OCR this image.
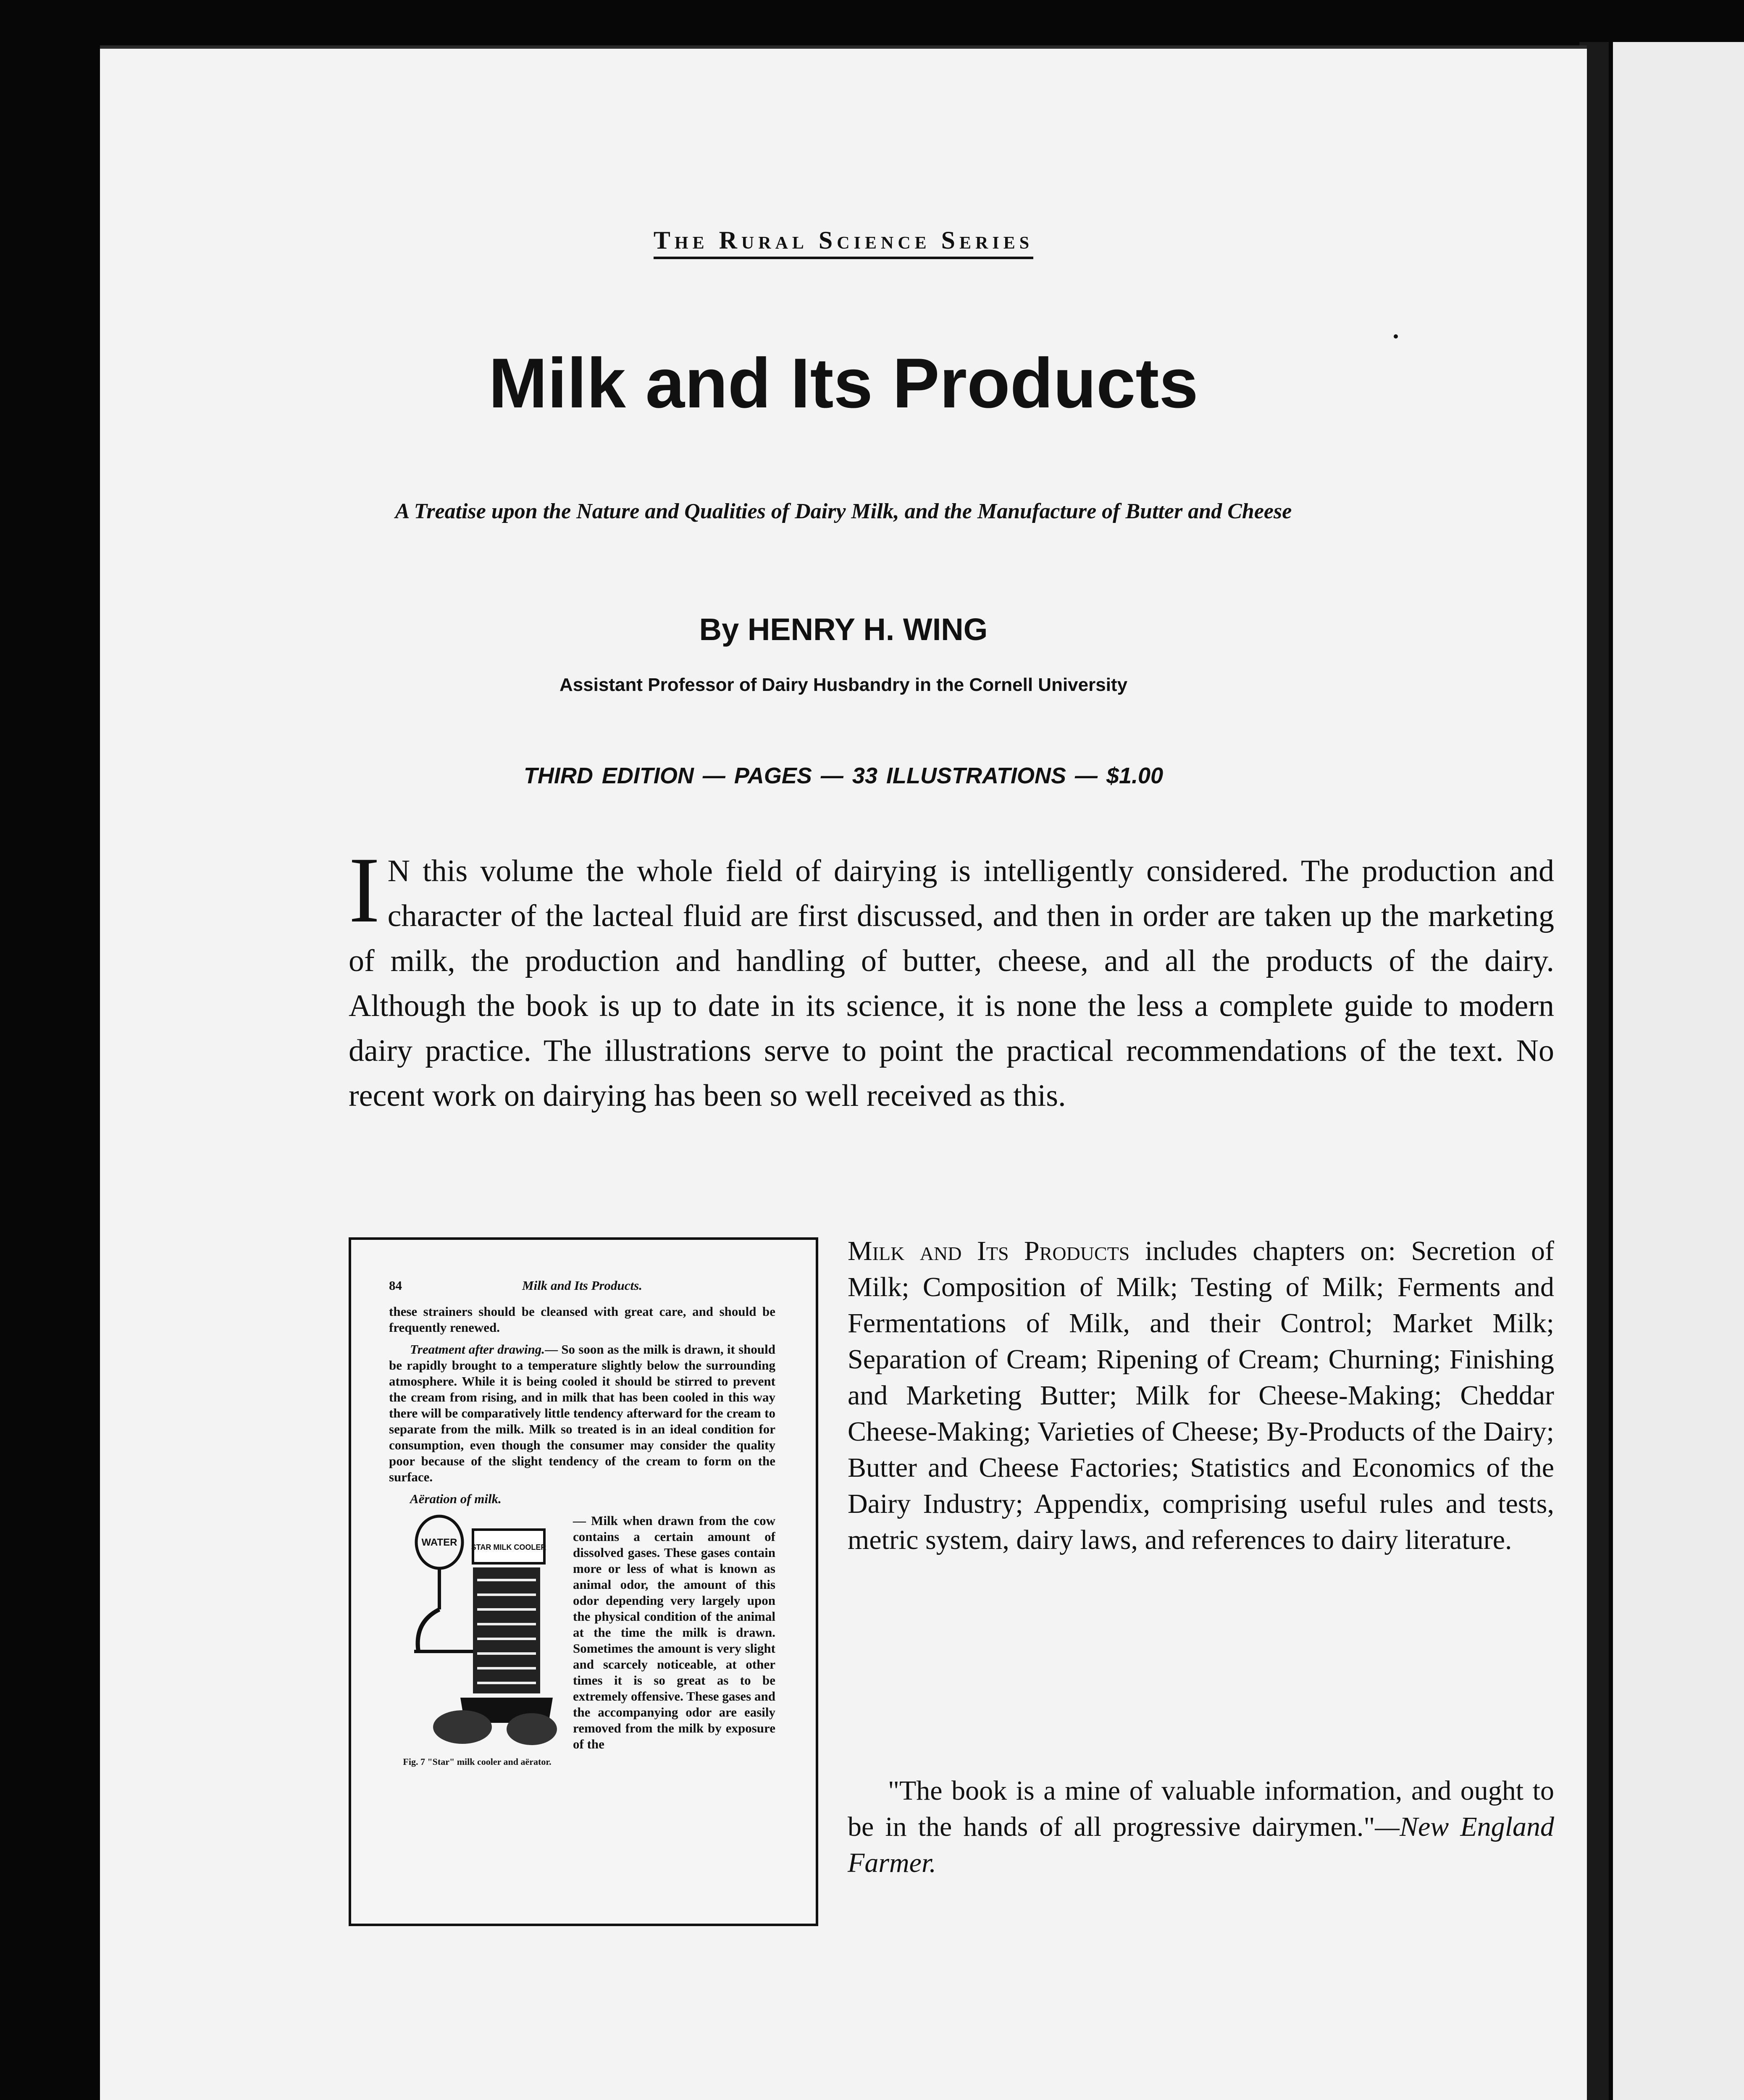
The Rural Science Series
Milk and Its Products
A Treatise upon the Nature and Qualities of Dairy Milk, and the Manufacture of Butter and Cheese
By HENRY H. WING
Assistant Professor of Dairy Husbandry in the Cornell University
THIRD EDITION — PAGES — 33 ILLUSTRATIONS — $1.00
I N this volume the whole field of dairying is intelligently considered. The production and character of the lacteal fluid are first discussed, and then in order are taken up the marketing of milk, the production and handling of butter, cheese, and all the products of the dairy. Although the book is up to date in its science, it is none the less a complete guide to modern dairy practice. The illustrations serve to point the practical recommendations of the text. No recent work on dairying has been so well received as this.
84	Milk and Its Products.

these strainers should be cleansed with great care, and should be frequently renewed.

Treatment after drawing.— So soon as the milk is drawn, it should be rapidly brought to a temperature slightly below the surrounding atmosphere. While it is being cooled it should be stirred to prevent the cream from rising, and in milk that has been cooled in this way there will be comparatively little tendency afterward for the cream to separate from the milk. Milk so treated is in an ideal condition for consumption, even though the consumer may consider the quality poor because of the slight tendency of the cream to form on the surface.

Aëration of milk.

WATER STAR MILK COOLER
Fig. 7 "Star" milk cooler and aërator.
— Milk when drawn from the cow contains a certain amount of dissolved gases. These gases contain more or less of what is known as animal odor, the amount of this odor depending very largely upon the physical condition of the animal at the time the milk is drawn. Sometimes the amount is very slight and scarcely noticeable, at other times it is so great as to be extremely offensive. These gases and the accompanying odor are easily removed from the milk by exposure of the
Milk and Its Products includes chapters on: Secretion of Milk; Composition of Milk; Testing of Milk; Ferments and Fermentations of Milk, and their Control; Market Milk; Separation of Cream; Ripening of Cream; Churning; Finishing and Marketing Butter; Milk for Cheese-Making; Cheddar Cheese-Making; Varieties of Cheese; By-Products of the Dairy; Butter and Cheese Factories; Statistics and Economics of the Dairy Industry; Appendix, comprising useful rules and tests, metric system, dairy laws, and references to dairy literature.
"The book is a mine of valuable information, and ought to be in the hands of all progressive dairymen."—New England Farmer.
